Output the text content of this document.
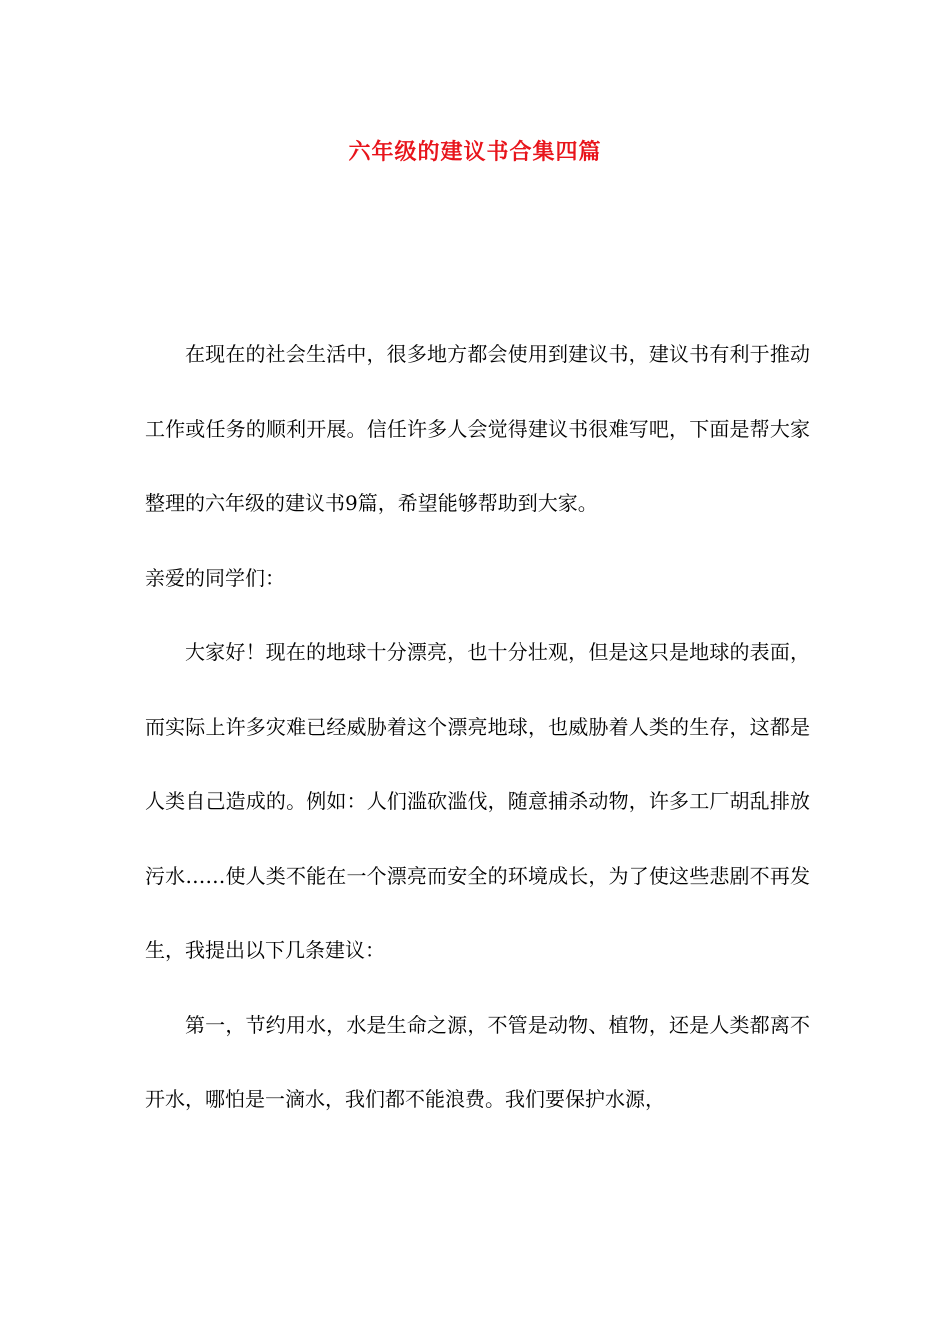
六年级的建议书合集四篇

在现在的社会生活中，很多地方都会使用到建议书，建议书有利于推动工作或任务的顺利开展。信任许多人会觉得建议书很难写吧，下面是帮大家整理的六年级的建议书9篇，希望能够帮助到大家。

亲爱的同学们：

大家好！现在的地球十分漂亮，也十分壮观，但是这只是地球的表面，而实际上许多灾难已经威胁着这个漂亮地球，也威胁着人类的生存，这都是人类自己造成的。例如：人们滥砍滥伐，随意捕杀动物，许多工厂胡乱排放污水……使人类不能在一个漂亮而安全的环境成长，为了使这些悲剧不再发生，我提出以下几条建议：

第一，节约用水，水是生命之源，不管是动物、植物，还是人类都离不开水，哪怕是一滴水，我们都不能浪费。我们要保护水源，
